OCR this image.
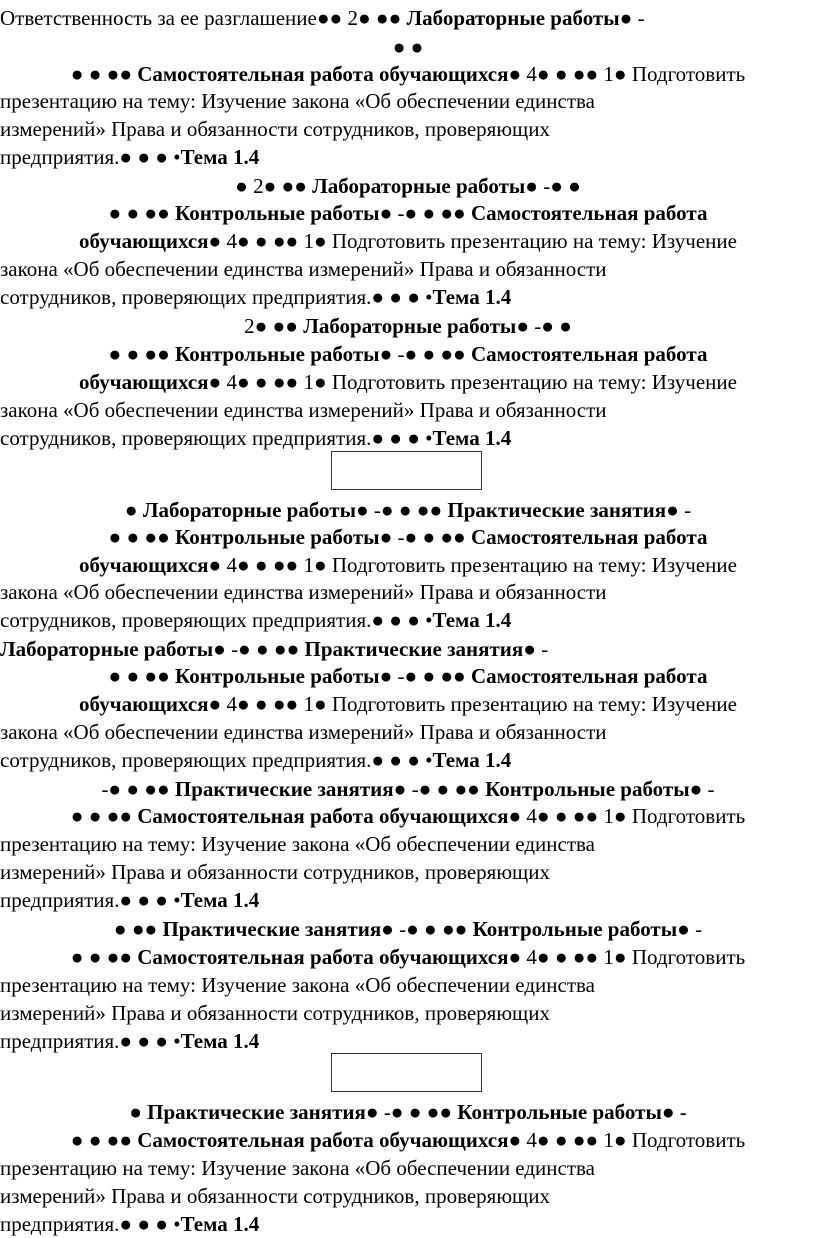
Ответственность за ее разглашение●● 2● ●● Лабораторные работы● -
● ●
● ● ●● Самостоятельная работа обучающихся● 4● ● ●● 1● Подготовить
презентацию на тему: Изучение закона «Об обеспечении единства
измерений» Права и обязанности сотрудников, проверяющих
предприятия.● ● ● •Тема 1.4
● 2● ●● Лабораторные работы● -● ●
● ● ●● Контрольные работы● -● ● ●● Самостоятельная работа
обучающихся● 4● ● ●● 1● Подготовить презентацию на тему: Изучение
закона «Об обеспечении единства измерений» Права и обязанности
сотрудников, проверяющих предприятия.● ● ● •Тема 1.4
2● ●● Лабораторные работы● -● ●
● ● ●● Контрольные работы● -● ● ●● Самостоятельная работа
обучающихся● 4● ● ●● 1● Подготовить презентацию на тему: Изучение
закона «Об обеспечении единства измерений» Права и обязанности
сотрудников, проверяющих предприятия.● ● ● •Тема 1.4
● Лабораторные работы● -● ● ●● Практические занятия● -
● ● ●● Контрольные работы● -● ● ●● Самостоятельная работа
обучающихся● 4● ● ●● 1● Подготовить презентацию на тему: Изучение
закона «Об обеспечении единства измерений» Права и обязанности
сотрудников, проверяющих предприятия.● ● ● •Тема 1.4
Лабораторные работы● -● ● ●● Практические занятия● -
● ● ●● Контрольные работы● -● ● ●● Самостоятельная работа
обучающихся● 4● ● ●● 1● Подготовить презентацию на тему: Изучение
закона «Об обеспечении единства измерений» Права и обязанности
сотрудников, проверяющих предприятия.● ● ● •Тема 1.4
-● ● ●● Практические занятия● -● ● ●● Контрольные работы● -
● ● ●● Самостоятельная работа обучающихся● 4● ● ●● 1● Подготовить
презентацию на тему: Изучение закона «Об обеспечении единства
измерений» Права и обязанности сотрудников, проверяющих
предприятия.● ● ● •Тема 1.4
● ●● Практические занятия● -● ● ●● Контрольные работы● -
● ● ●● Самостоятельная работа обучающихся● 4● ● ●● 1● Подготовить
презентацию на тему: Изучение закона «Об обеспечении единства
измерений» Права и обязанности сотрудников, проверяющих
предприятия.● ● ● •Тема 1.4
● Практические занятия● -● ● ●● Контрольные работы● -
● ● ●● Самостоятельная работа обучающихся● 4● ● ●● 1● Подготовить
презентацию на тему: Изучение закона «Об обеспечении единства
измерений» Права и обязанности сотрудников, проверяющих
предприятия.● ● ● •Тема 1.4
